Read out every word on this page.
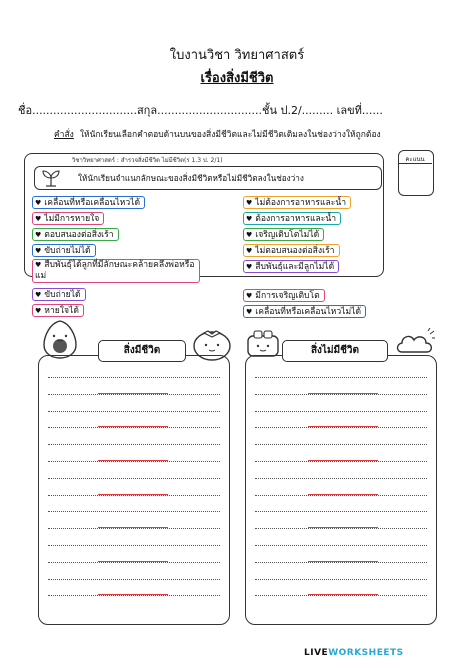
ใบงานวิชา วิทยาศาสตร์
เรื่องสิ่งมีชีวิต
ชื่อ..............................สกุล..............................ชั้น ป.2/......... เลขที่......
คำสั่ง ให้นักเรียนเลือกคำตอบด้านบนของสิ่งมีชีวิตและไม่มีชีวิตเติมลงในช่องว่างให้ถูกต้อง
วิชาวิทยาศาสตร์ : สำรวจสิ่งมีชีวิต ไม่มีชีวิต(ร 1.3 ป. 2/1)
ให้นักเรียนจำแนกลักษณะของสิ่งมีชีวิตหรือไม่มีชีวิตลงในช่องว่าง
คะแนน
♥ เคลื่อนที่หรือเคลื่อนไหวได้
♥ ไม่มีการหายใจ
♥ ตอบสนองต่อสิ่งเร้า
♥ ขับถ่ายไม่ได้
♥ สืบพันธุ์ได้ลูกที่มีลักษณะคล้ายคลึงพ่อหรือแม่
♥ ขับถ่ายได้
♥ หายใจได้
♥ ไม่ต้องการอาหารและน้ำ
♥ ต้องการอาหารและน้ำ
♥ เจริญเติบโตไม่ได้
♥ ไม่ตอบสนองต่อสิ่งเร้า
♥ สืบพันธุ์และมีลูกไม่ได้
♥ มีการเจริญเติบโต
♥ เคลื่อนที่หรือเคลื่อนไหวไม่ได้
สิ่งมีชีวิต	สิ่งไม่มีชีวิต
LIVEWORKSHEETS
